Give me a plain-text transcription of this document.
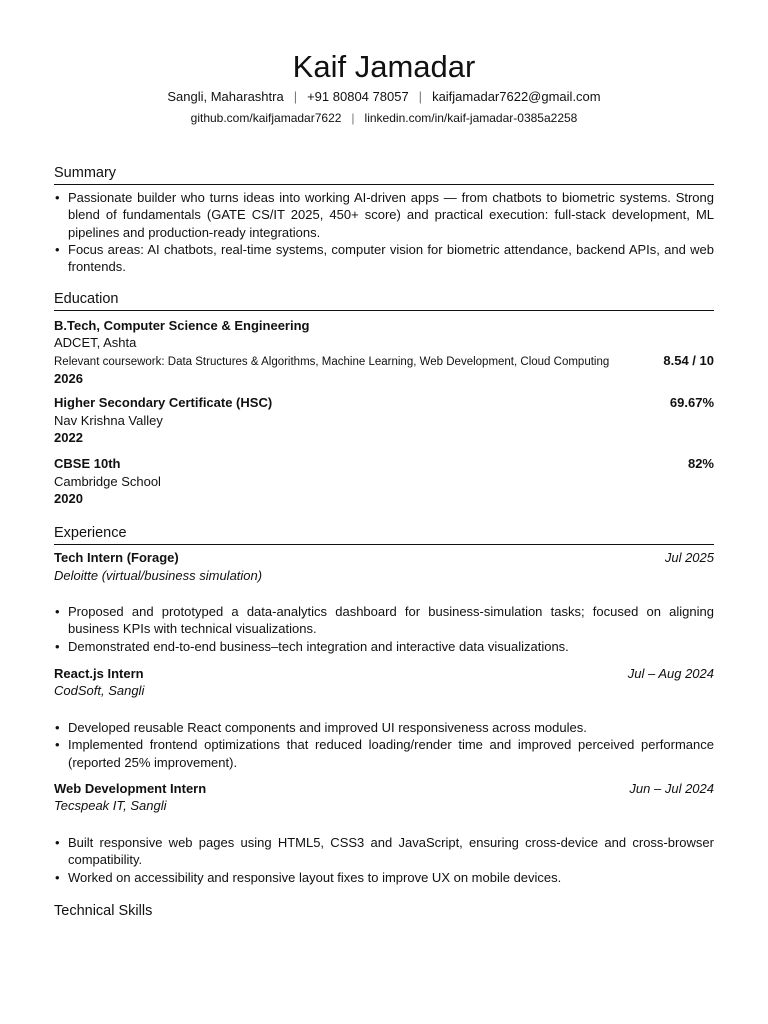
Kaif Jamadar
Sangli, Maharashtra | +91 80804 78057 | kaifjamadar7622@gmail.com
github.com/kaifjamadar7622 | linkedin.com/in/kaif-jamadar-0385a2258
Summary
• Passionate builder who turns ideas into working AI-driven apps — from chatbots to biometric systems. Strong blend of fundamentals (GATE CS/IT 2025, 450+ score) and practical execution: full-stack development, ML pipelines and production-ready integrations.
• Focus areas: AI chatbots, real-time systems, computer vision for biometric attendance, backend APIs, and web frontends.
Education
B.Tech, Computer Science & Engineering
ADCET, Ashta
Relevant coursework: Data Structures & Algorithms, Machine Learning, Web Development, Cloud Computing	8.54 / 10
2026
Higher Secondary Certificate (HSC)	69.67%
Nav Krishna Valley
2022
CBSE 10th	82%
Cambridge School
2020
Experience
Tech Intern (Forage)	Jul 2025
Deloitte (virtual/business simulation)
• Proposed and prototyped a data-analytics dashboard for business-simulation tasks; focused on aligning business KPIs with technical visualizations.
• Demonstrated end-to-end business–tech integration and interactive data visualizations.
React.js Intern	Jul – Aug 2024
CodSoft, Sangli
• Developed reusable React components and improved UI responsiveness across modules.
• Implemented frontend optimizations that reduced loading/render time and improved perceived performance (reported 25% improvement).
Web Development Intern	Jun – Jul 2024
Tecspeak IT, Sangli
• Built responsive web pages using HTML5, CSS3 and JavaScript, ensuring cross-device and cross-browser compatibility.
• Worked on accessibility and responsive layout fixes to improve UX on mobile devices.
Technical Skills
